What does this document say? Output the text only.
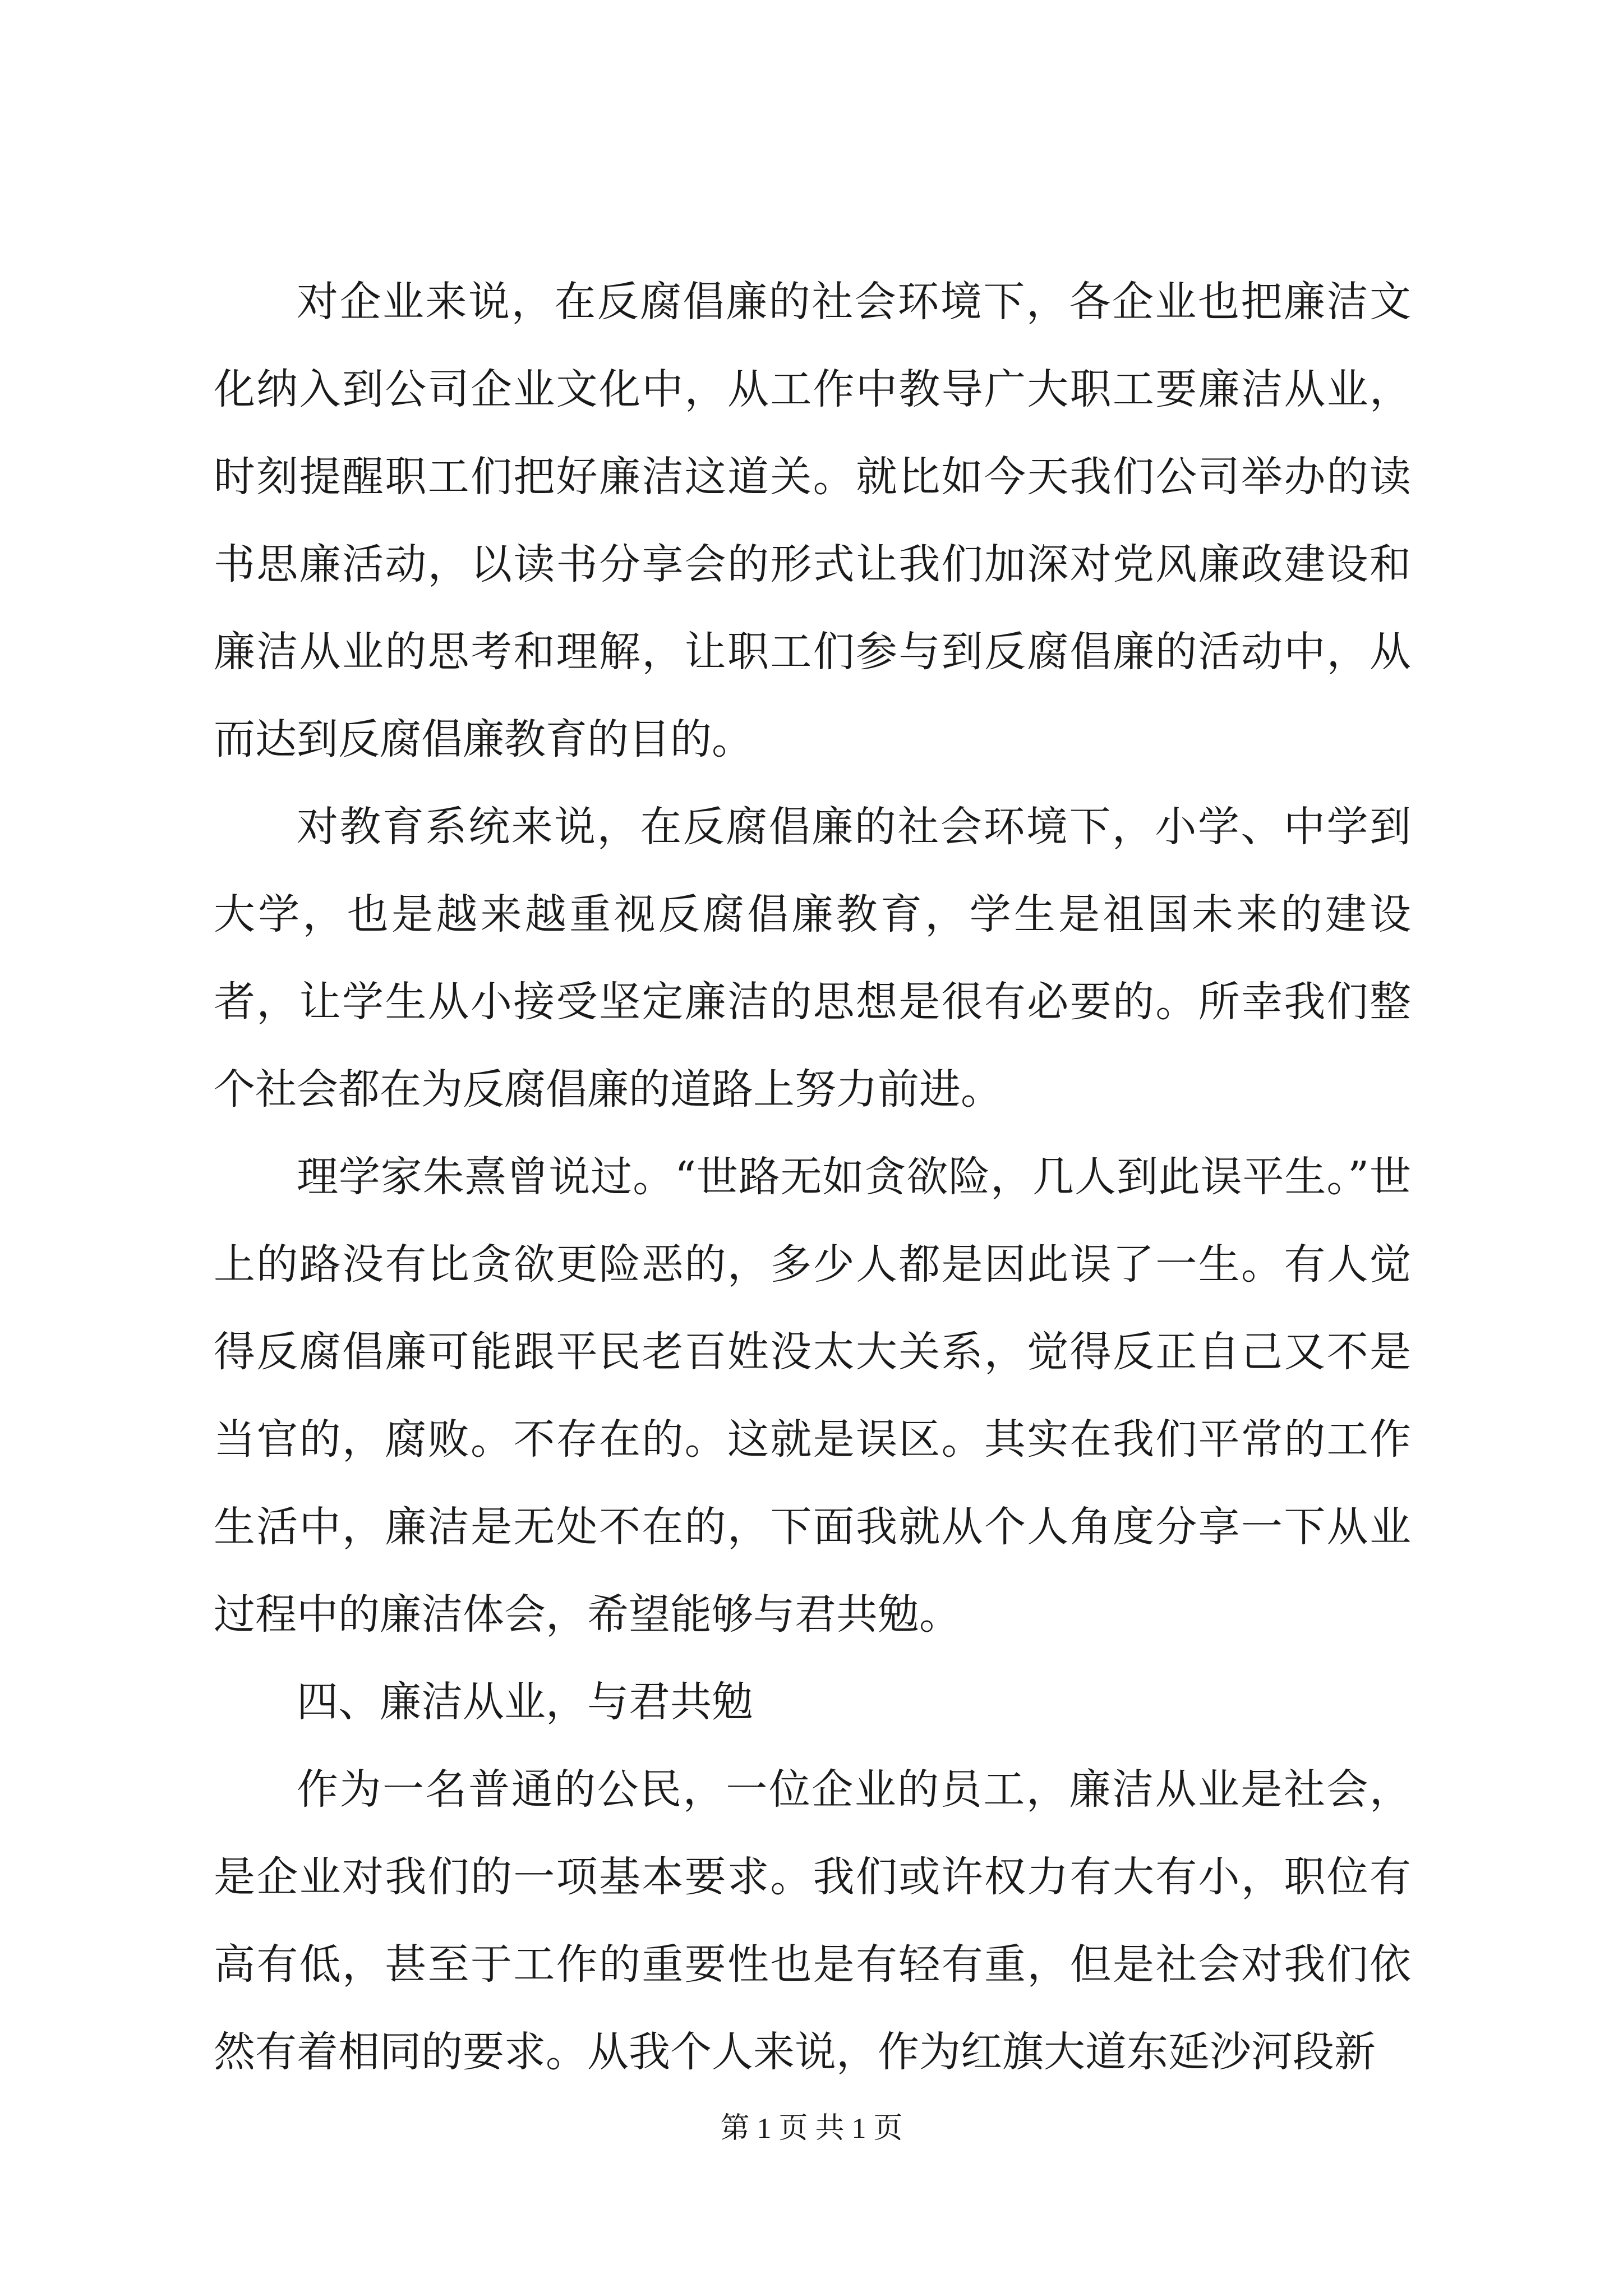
对企业来说，在反腐倡廉的社会环境下，各企业也把廉洁文化纳入到公司企业文化中，从工作中教导广大职工要廉洁从业，时刻提醒职工们把好廉洁这道关。就比如今天我们公司举办的读书思廉活动，以读书分享会的形式让我们加深对党风廉政建设和廉洁从业的思考和理解，让职工们参与到反腐倡廉的活动中，从而达到反腐倡廉教育的目的。

对教育系统来说，在反腐倡廉的社会环境下，小学、中学到大学，也是越来越重视反腐倡廉教育，学生是祖国未来的建设者，让学生从小接受坚定廉洁的思想是很有必要的。所幸我们整个社会都在为反腐倡廉的道路上努力前进。

理学家朱熹曾说过。“世路无如贪欲险，几人到此误平生。”世上的路没有比贪欲更险恶的，多少人都是因此误了一生。有人觉得反腐倡廉可能跟平民老百姓没太大关系，觉得反正自己又不是当官的，腐败。不存在的。这就是误区。其实在我们平常的工作生活中，廉洁是无处不在的，下面我就从个人角度分享一下从业过程中的廉洁体会，希望能够与君共勉。

四、廉洁从业，与君共勉

作为一名普通的公民，一位企业的员工，廉洁从业是社会，是企业对我们的一项基本要求。我们或许权力有大有小，职位有高有低，甚至于工作的重要性也是有轻有重，但是社会对我们依然有着相同的要求。从我个人来说，作为红旗大道东延沙河段新

第 1 页 共 1 页
